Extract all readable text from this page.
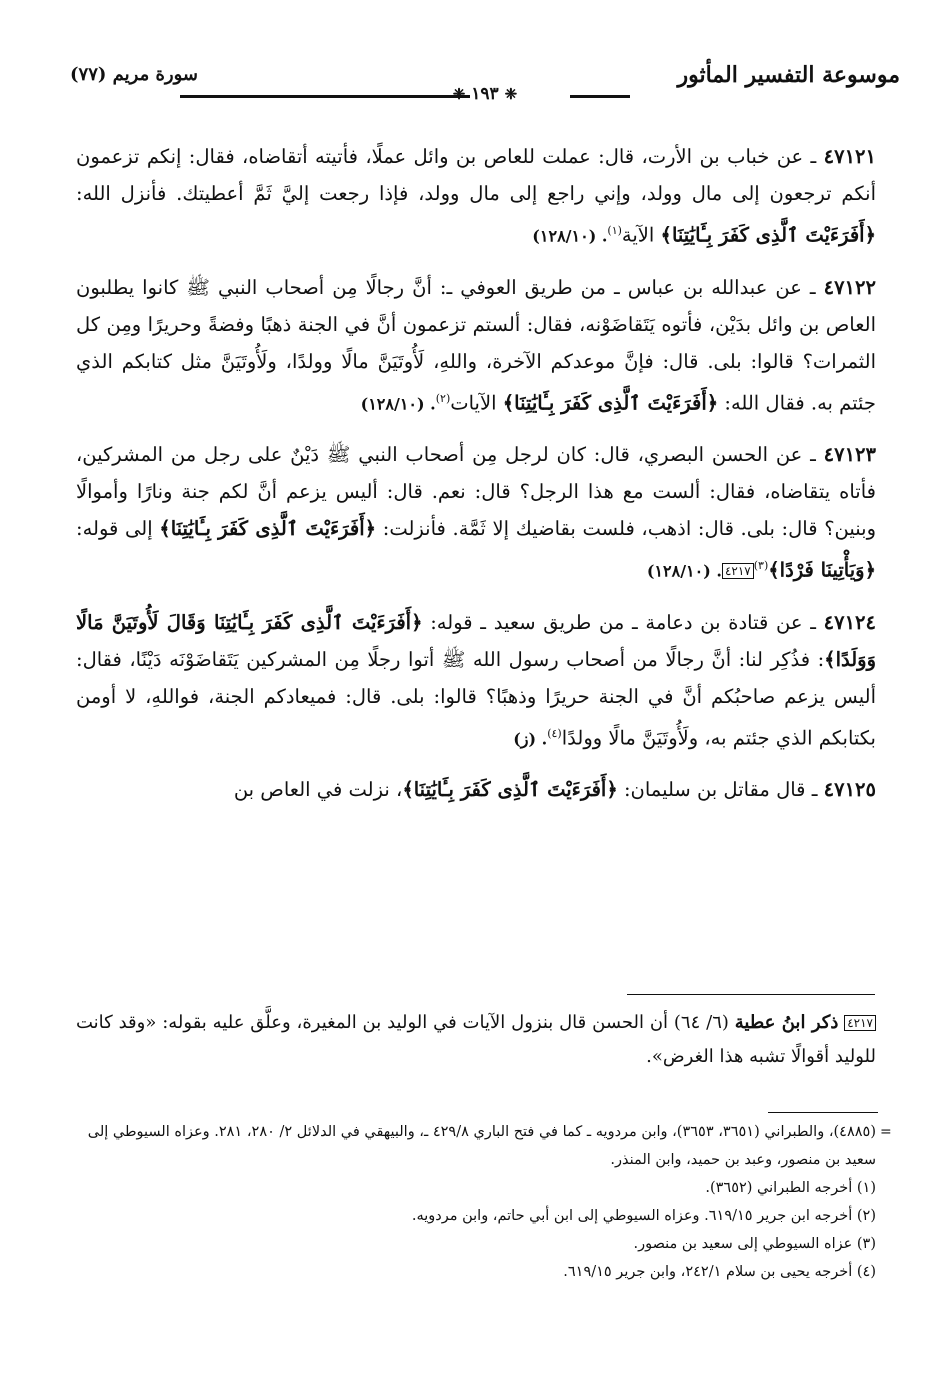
موسوعة التفسير المأثور
سورة مريم (٧٧)
❈ ١٩٣ ❈

٤٧١٢١ ـ عن خباب بن الأرت، قال: عملت للعاص بن وائل عملًا، فأتيته أتقاضاه، فقال: إنكم تزعمون أنكم ترجعون إلى مال وولد، وإني راجع إلى مال وولد، فإذا رجعت إليَّ ثَمَّ أعطيتك. فأنزل الله: ﴿أَفَرَءَيْتَ ٱلَّذِى كَفَرَ بِـَٔايَٰتِنَا﴾ الآية$^{(١)}$. (١٢٨/١٠)

٤٧١٢٢ ـ عن عبدالله بن عباس ـ من طريق العوفي ـ: أنَّ رجالًا مِن أصحاب النبي ﷺ كانوا يطلبون العاص بن وائل بدَيْن، فأتوه يَتَقاضَوْنه، فقال: ألستم تزعمون أنَّ في الجنة ذهبًا وفضةً وحريرًا ومِن كل الثمرات؟ قالوا: بلى. قال: فإنَّ موعدكم الآخرة، واللهِ، لَأُوتَيَنَّ مالًا وولدًا، ولَأُوتَيَنَّ مثل كتابكم الذي جئتم به. فقال الله: ﴿أَفَرَءَيْتَ ٱلَّذِى كَفَرَ بِـَٔايَٰتِنَا﴾ الآيات$^{(٢)}$. (١٢٨/١٠)

٤٧١٢٣ ـ عن الحسن البصري، قال: كان لرجل مِن أصحاب النبي ﷺ دَيْنٌ على رجل من المشركين، فأتاه يتقاضاه، فقال: ألست مع هذا الرجل؟ قال: نعم. قال: أليس يزعم أنَّ لكم جنة ونارًا وأموالًا وبنين؟ قال: بلى. قال: اذهب، فلست بقاضيك إلا ثَمَّة. فأنزلت: ﴿أَفَرَءَيْتَ ٱلَّذِى كَفَرَ بِـَٔايَٰتِنَا﴾ إلى قوله: ﴿وَيَأْتِينَا فَرْدًا﴾$^{(٣)}$٤٢١٧. (١٢٨/١٠)

٤٧١٢٤ ـ عن قتادة بن دعامة ـ من طريق سعيد ـ قوله: ﴿أَفَرَءَيْتَ ٱلَّذِى كَفَرَ بِـَٔايَٰتِنَا وَقَالَ لَأُوتَيَنَّ مَالًا وَوَلَدًا﴾: فذُكِر لنا: أنَّ رجالًا من أصحاب رسول الله ﷺ أتوا رجلًا مِن المشركين يَتَقاضَوْنَه دَيْنًا، فقال: أليس يزعم صاحبُكم أنَّ في الجنة حريرًا وذهبًا؟ قالوا: بلى. قال: فميعادكم الجنة، فواللهِ، لا أومن بكتابكم الذي جئتم به، ولَأُوتَيَنَّ مالًا وولدًا$^{(٤)}$. (ز)

٤٧١٢٥ ـ قال مقاتل بن سليمان: ﴿أَفَرَءَيْتَ ٱلَّذِى كَفَرَ بِـَٔايَٰتِنَا﴾، نزلت في العاص بن

٤٢١٧ ذكر ابنُ عطية (٦/ ٦٤) أن الحسن قال بنزول الآيات في الوليد بن المغيرة، وعلَّق عليه بقوله: «وقد كانت للوليد أقوالًا تشبه هذا الغرض».
=
(٤٨٨٥)، والطبراني (٣٦٥١، ٣٦٥٣)، وابن مردويه ـ كما في فتح الباري ٤٢٩/٨ ـ، والبيهقي في الدلائل ٢/ ٢٨٠، ٢٨١. وعزاه السيوطي إلى سعيد بن منصور، وعبد بن حميد، وابن المنذر.
(١) أخرجه الطبراني (٣٦٥٢).
(٢) أخرجه ابن جرير ٦١٩/١٥. وعزاه السيوطي إلى ابن أبي حاتم، وابن مردويه.
(٣) عزاه السيوطي إلى سعيد بن منصور.
(٤) أخرجه يحيى بن سلام ٢٤٢/١، وابن جرير ٦١٩/١٥.
